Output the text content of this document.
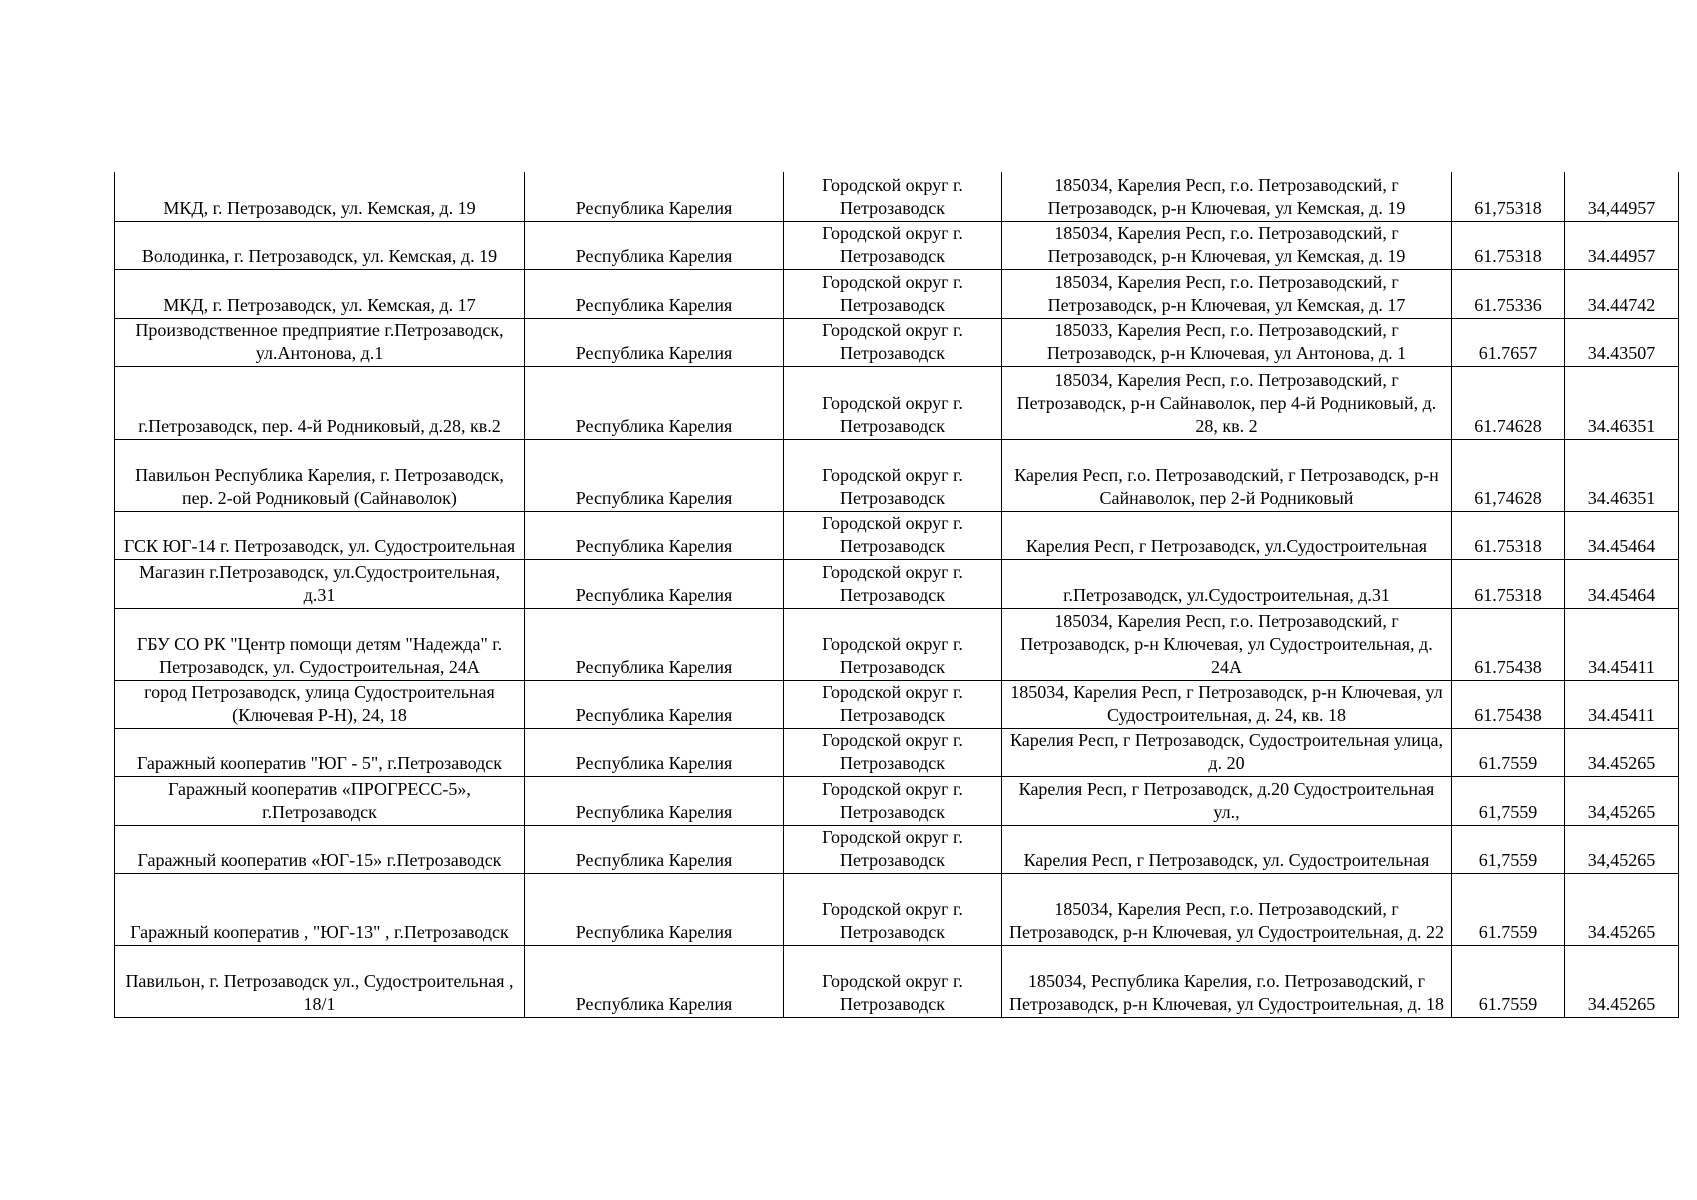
МКД, г. Петрозаводск, ул. Кемская, д. 19	Республика Карелия	Городской округ г. Петрозаводск	185034, Карелия Респ, г.о. Петрозаводский, г Петрозаводск, р-н Ключевая, ул Кемская, д. 19	61,75318	34,44957
Володинка, г. Петрозаводск, ул. Кемская, д. 19	Республика Карелия	Городской округ г. Петрозаводск	185034, Карелия Респ, г.о. Петрозаводский, г Петрозаводск, р-н Ключевая, ул Кемская, д. 19	61.75318	34.44957
МКД, г. Петрозаводск, ул. Кемская, д. 17	Республика Карелия	Городской округ г. Петрозаводск	185034, Карелия Респ, г.о. Петрозаводский, г Петрозаводск, р-н Ключевая, ул Кемская, д. 17	61.75336	34.44742
Производственное предприятие г.Петрозаводск, ул.Антонова, д.1	Республика Карелия	Городской округ г. Петрозаводск	185033, Карелия Респ, г.о. Петрозаводский, г Петрозаводск, р-н Ключевая, ул Антонова, д. 1	61.7657	34.43507
г.Петрозаводск, пер. 4-й Родниковый, д.28, кв.2	Республика Карелия	Городской округ г. Петрозаводск	185034, Карелия Респ, г.о. Петрозаводский, г Петрозаводск, р-н Сайнаволок, пер 4-й Родниковый, д. 28, кв. 2	61.74628	34.46351
Павильон Республика Карелия, г. Петрозаводск, пер. 2-ой Родниковый (Сайнаволок)	Республика Карелия	Городской округ г. Петрозаводск	Карелия Респ, г.о. Петрозаводский, г Петрозаводск, р-н Сайнаволок, пер 2-й Родниковый	61,74628	34.46351
ГСК ЮГ-14 г. Петрозаводск, ул. Судостроительная	Республика Карелия	Городской округ г. Петрозаводск	Карелия Респ, г Петрозаводск, ул.Судостроительная	61.75318	34.45464
Магазин г.Петрозаводск, ул.Судостроительная, д.31	Республика Карелия	Городской округ г. Петрозаводск	г.Петрозаводск, ул.Судостроительная, д.31	61.75318	34.45464
ГБУ СО РК "Центр помощи детям "Надежда" г. Петрозаводск, ул. Судостроительная, 24А	Республика Карелия	Городской округ г. Петрозаводск	185034, Карелия Респ, г.о. Петрозаводский, г Петрозаводск, р-н Ключевая, ул Судостроительная, д. 24А	61.75438	34.45411
город Петрозаводск, улица Судостроительная (Ключевая Р-Н), 24, 18	Республика Карелия	Городской округ г. Петрозаводск	185034, Карелия Респ, г Петрозаводск, р-н Ключевая, ул Судостроительная, д. 24, кв. 18	61.75438	34.45411
Гаражный кооператив "ЮГ - 5", г.Петрозаводск	Республика Карелия	Городской округ г. Петрозаводск	Карелия Респ, г Петрозаводск, Судостроительная улица, д. 20	61.7559	34.45265
Гаражный кооператив «ПРОГРЕСС-5», г.Петрозаводск	Республика Карелия	Городской округ г. Петрозаводск	Карелия Респ, г Петрозаводск, д.20 Судостроительная ул.,	61,7559	34,45265
Гаражный кооператив «ЮГ-15» г.Петрозаводск	Республика Карелия	Городской округ г. Петрозаводск	Карелия Респ, г Петрозаводск, ул. Судостроительная	61,7559	34,45265
Гаражный кооператив , "ЮГ-13" , г.Петрозаводск	Республика Карелия	Городской округ г. Петрозаводск	185034, Карелия Респ, г.о. Петрозаводский, г Петрозаводск, р-н Ключевая, ул Судостроительная, д. 22	61.7559	34.45265
Павильон, г. Петрозаводск ул., Судостроительная , 18/1	Республика Карелия	Городской округ г. Петрозаводск	185034, Республика Карелия, г.о. Петрозаводский, г Петрозаводск, р-н Ключевая, ул Судостроительная, д. 18	61.7559	34.45265
